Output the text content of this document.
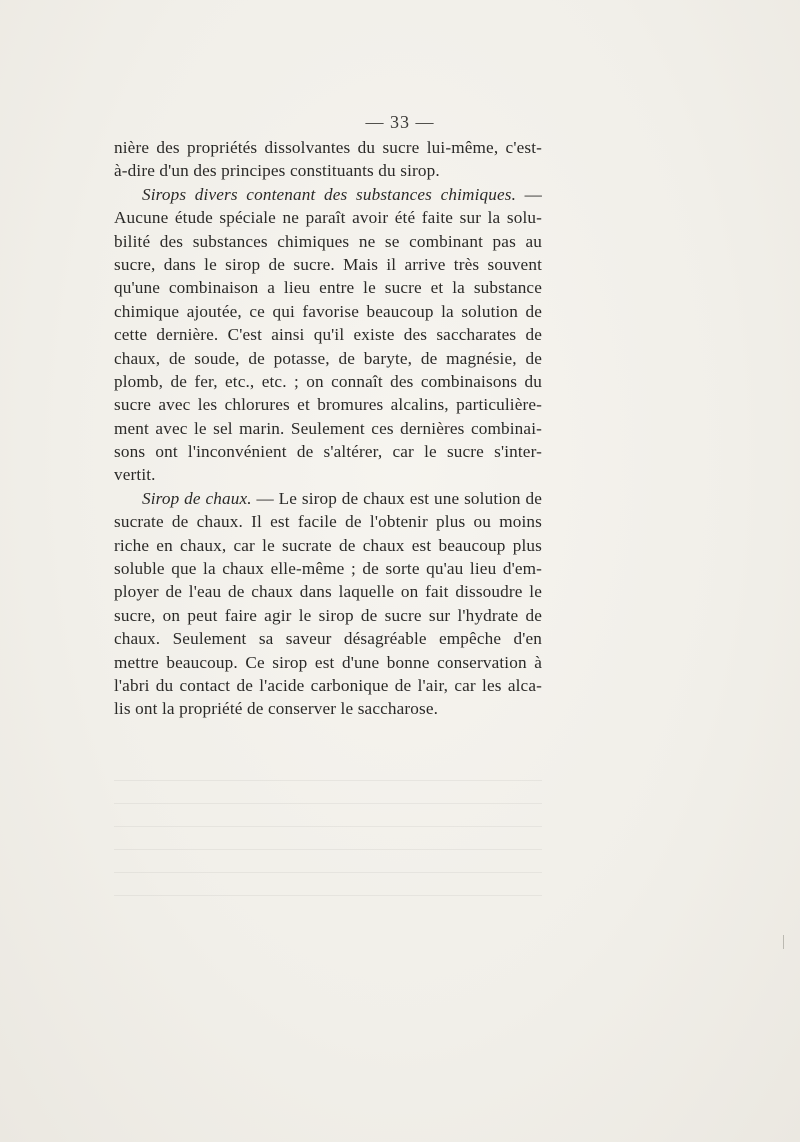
— 33 —
nière des propriétés dissolvantes du sucre lui-même, c'est-
à-dire d'un des principes constituants du sirop.
Sirops divers contenant des substances chimiques. —
Aucune étude spéciale ne paraît avoir été faite sur la solu-
bilité des substances chimiques ne se combinant pas au
sucre, dans le sirop de sucre. Mais il arrive très souvent
qu'une combinaison a lieu entre le sucre et la substance
chimique ajoutée, ce qui favorise beaucoup la solution de
cette dernière. C'est ainsi qu'il existe des saccharates de
chaux, de soude, de potasse, de baryte, de magnésie, de
plomb, de fer, etc., etc. ; on connaît des combinaisons du
sucre avec les chlorures et bromures alcalins, particulière-
ment avec le sel marin. Seulement ces dernières combinai-
sons ont l'inconvénient de s'altérer, car le sucre s'inter-
vertit.
Sirop de chaux. — Le sirop de chaux est une solution de
sucrate de chaux. Il est facile de l'obtenir plus ou moins
riche en chaux, car le sucrate de chaux est beaucoup plus
soluble que la chaux elle-même ; de sorte qu'au lieu d'em-
ployer de l'eau de chaux dans laquelle on fait dissoudre le
sucre, on peut faire agir le sirop de sucre sur l'hydrate de
chaux. Seulement sa saveur désagréable empêche d'en
mettre beaucoup. Ce sirop est d'une bonne conservation à
l'abri du contact de l'acide carbonique de l'air, car les alca-
lis ont la propriété de conserver le saccharose.
